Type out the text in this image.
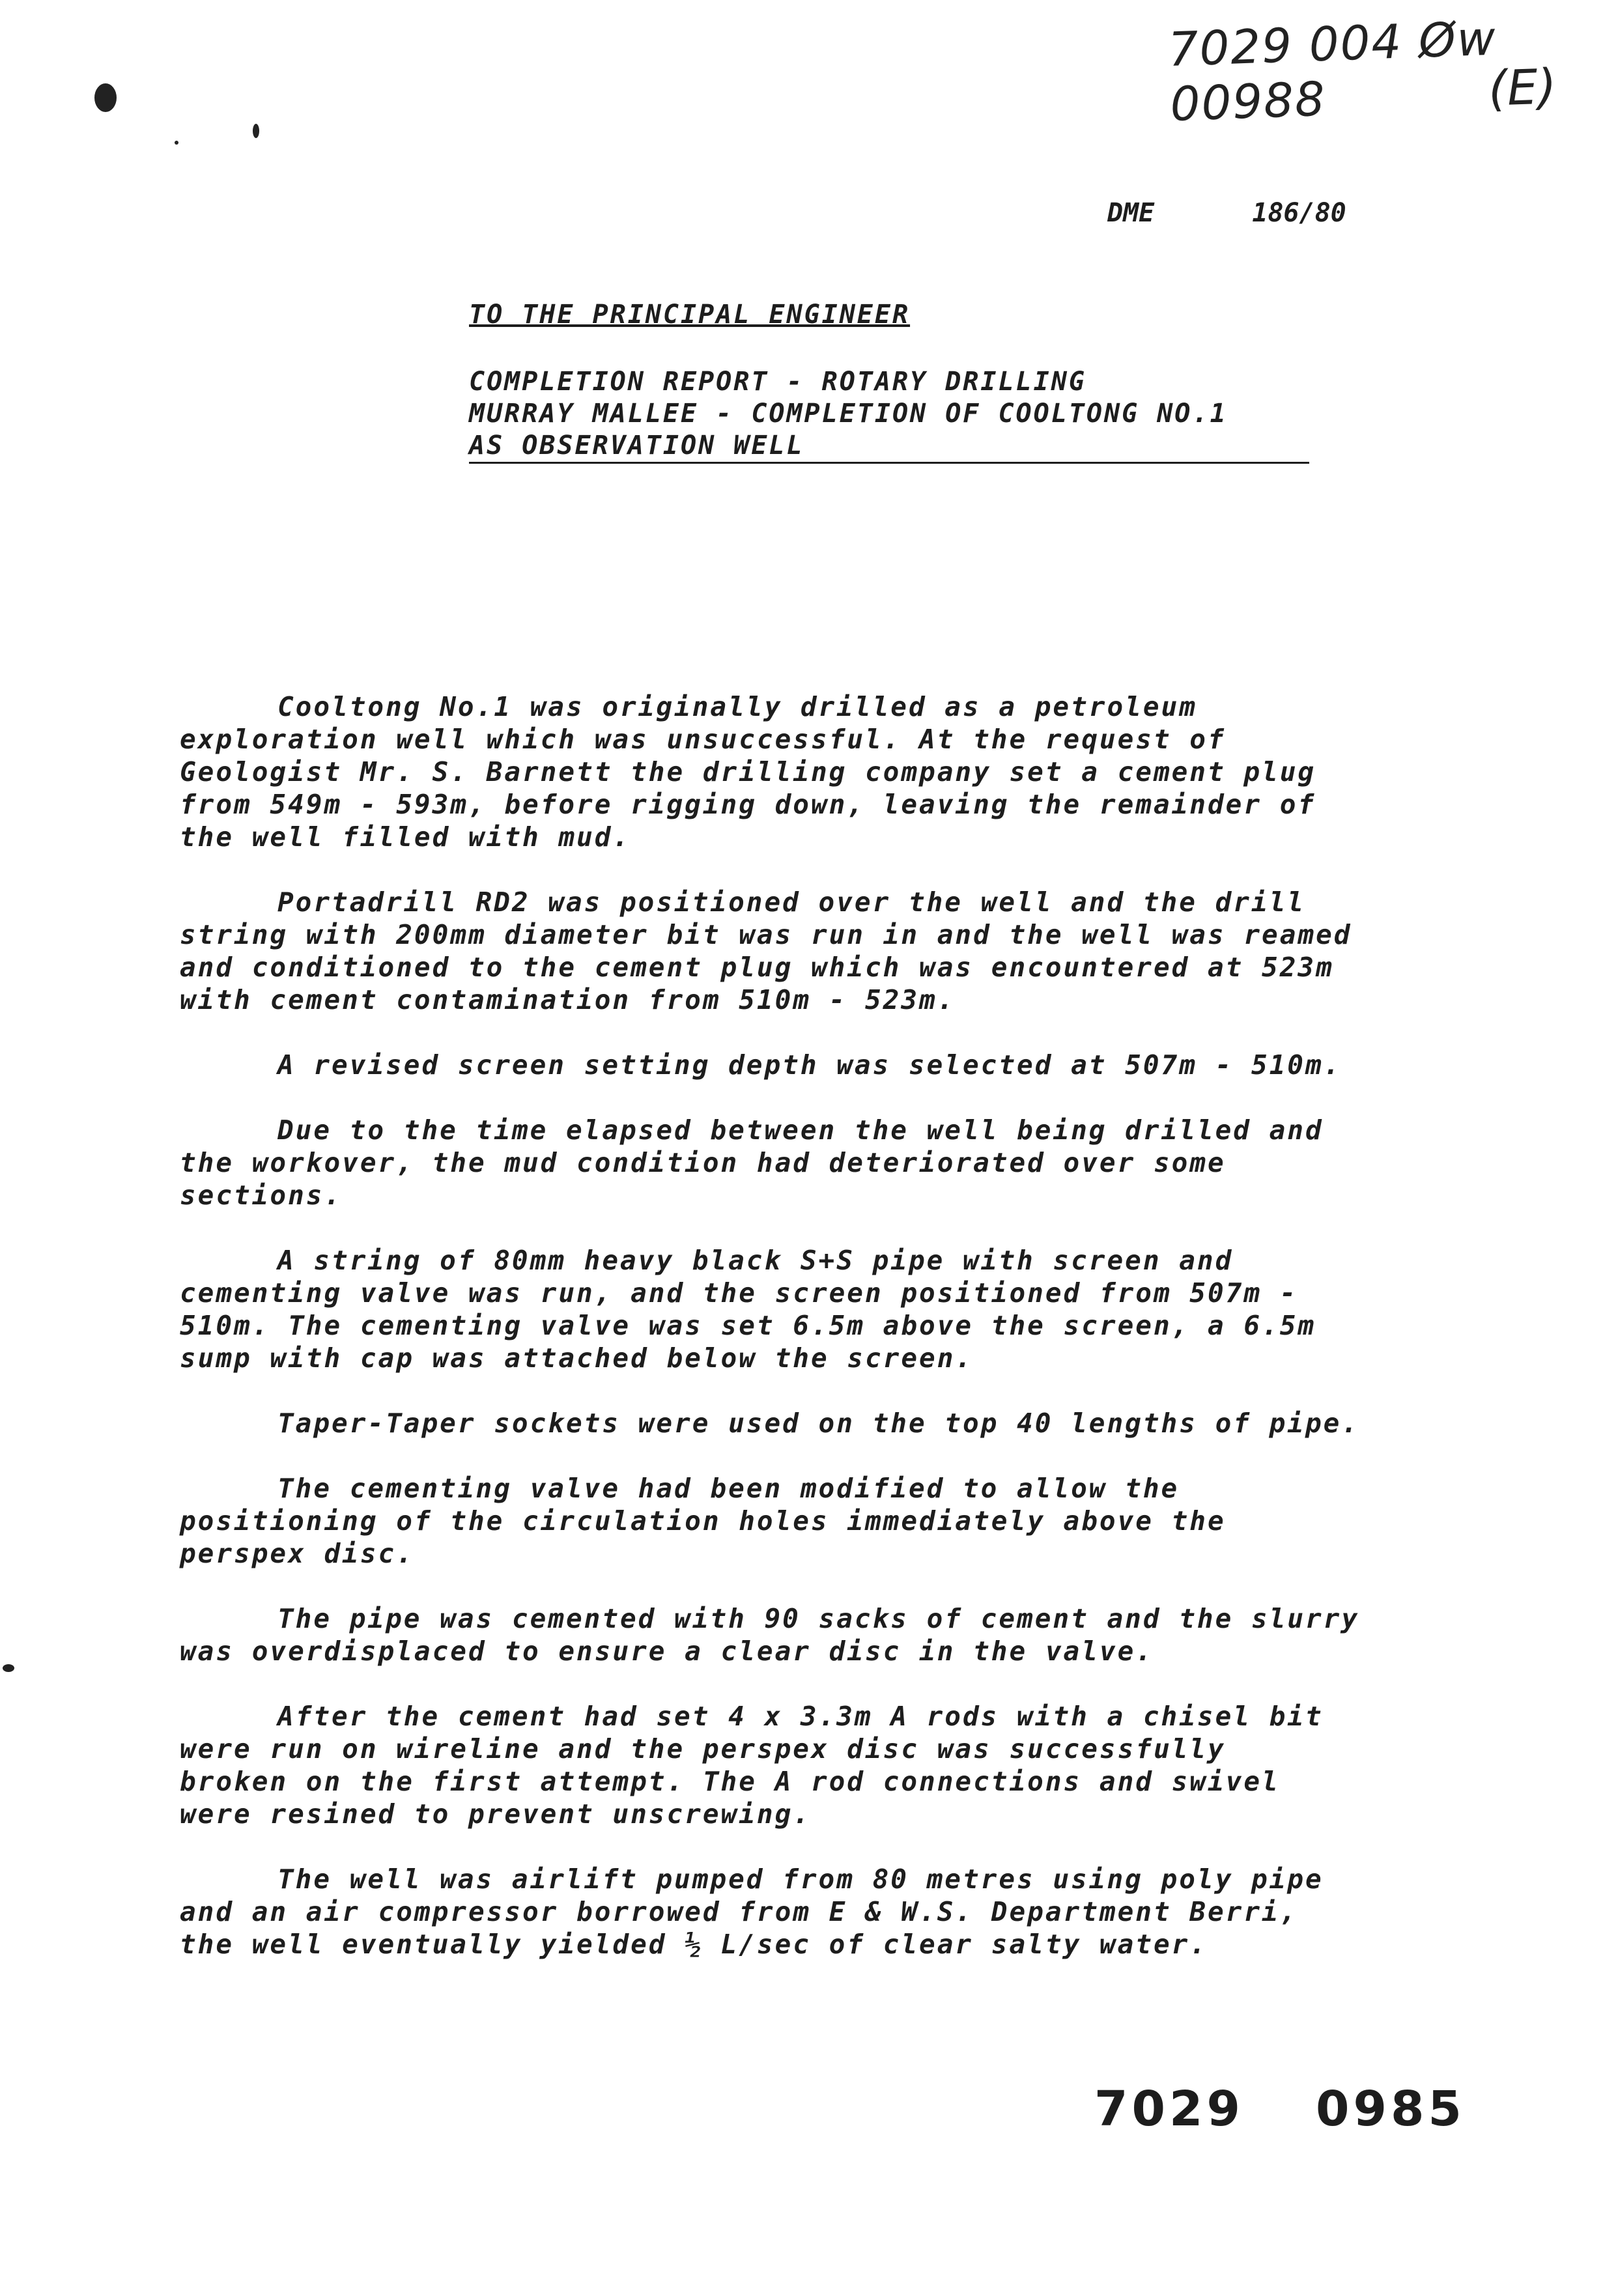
7029 004 Øw 00988	(E)
DME	186/80
TO THE PRINCIPAL ENGINEER
COMPLETION REPORT - ROTARY DRILLING
MURRAY MALLEE - COMPLETION OF COOLTONG NO.1
AS OBSERVATION WELL

Cooltong No.1 was originally drilled as a petroleum
exploration well which was unsuccessful. At the request of
Geologist Mr. S. Barnett the drilling company set a cement plug
from 549m - 593m, before rigging down, leaving the remainder of
the well filled with mud.

Portadrill RD2 was positioned over the well and the drill
string with 200mm diameter bit was run in and the well was reamed
and conditioned to the cement plug which was encountered at 523m
with cement contamination from 510m - 523m.

A revised screen setting depth was selected at 507m - 510m.

Due to the time elapsed between the well being drilled and
the workover, the mud condition had deteriorated over some
sections.

A string of 80mm heavy black S+S pipe with screen and
cementing valve was run, and the screen positioned from 507m -
510m. The cementing valve was set 6.5m above the screen, a 6.5m
sump with cap was attached below the screen.

Taper-Taper sockets were used on the top 40 lengths of pipe.

The cementing valve had been modified to allow the
positioning of the circulation holes immediately above the
perspex disc.

The pipe was cemented with 90 sacks of cement and the slurry
was overdisplaced to ensure a clear disc in the valve.

After the cement had set 4 x 3.3m A rods with a chisel bit
were run on wireline and the perspex disc was successfully
broken on the first attempt. The A rod connections and swivel
were resined to prevent unscrewing.

The well was airlift pumped from 80 metres using poly pipe
and an air compressor borrowed from E & W.S. Department Berri,
the well eventually yielded ½ L/sec of clear salty water.

7029 0985
